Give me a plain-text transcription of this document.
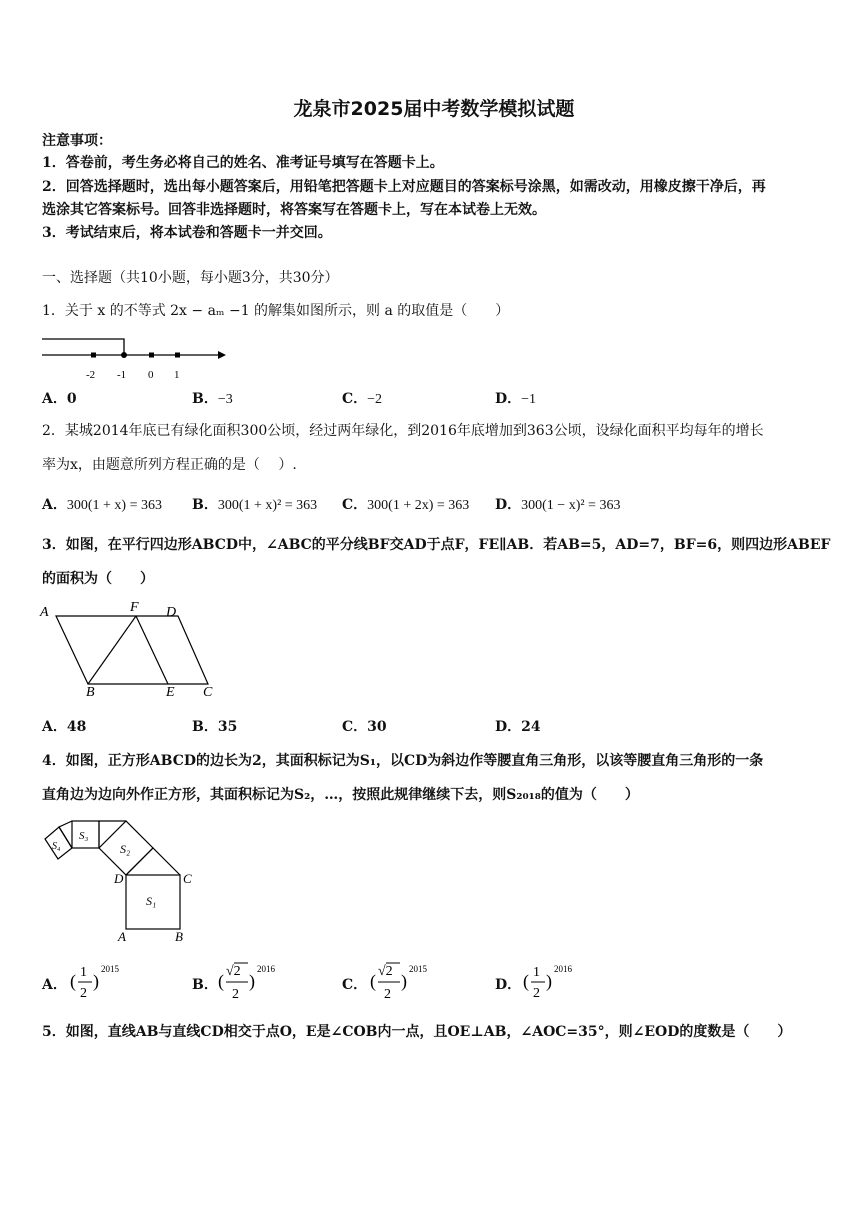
龙泉市2025届中考数学模拟试题
注意事项：
1．答卷前，考生务必将自己的姓名、准考证号填写在答题卡上。
2．回答选择题时，选出每小题答案后，用铅笔把答题卡上对应题目的答案标号涂黑，如需改动，用橡皮擦干净后，再
选涂其它答案标号。回答非选择题时，将答案写在答题卡上，写在本试卷上无效。
3．考试结束后，将本试卷和答题卡一并交回。
一、选择题（共10小题，每小题3分，共30分）
1．关于 x 的不等式 2x − aₘ −1 的解集如图所示，则 a 的取值是（　　）
-2 -1 0 1
A．0	B．−3	C．−2	D．−1
2．某城2014年底已有绿化面积300公顷，经过两年绿化，到2016年底增加到363公顷，设绿化面积平均每年的增长
率为x，由题意所列方程正确的是（　 ）.
A．300(1 + x) = 363 B．300(1 + x)² = 363 C．300(1 + 2x) = 363 D．300(1 − x)² = 363
3．如图，在平行四边形ABCD中，∠ABC的平分线BF交AD于点F，FE∥AB．若AB=5，AD=7，BF=6，则四边形ABEF
的面积为（　　）
A	F D
B	E C
A．48	B．35	C．30	D．24
4．如图，正方形ABCD的边长为2，其面积标记为S₁，以CD为斜边作等腰直角三角形，以该等腰直角三角形的一条
直角边为边向外作正方形，其面积标记为S₂，…，按照此规律继续下去，则S₂₀₁₈的值为（　　）
S₁
S₂
S₃
S₄
D	C
A	B
A． ( 1
2
)
2015
B． ( √2
2
)
2016
C． ( √2
2
)
2015
D． ( 1
2
)
2016
5．如图，直线AB与直线CD相交于点O，E是∠COB内一点，且OE⊥AB，∠AOC=35°，则∠EOD的度数是（　　）
